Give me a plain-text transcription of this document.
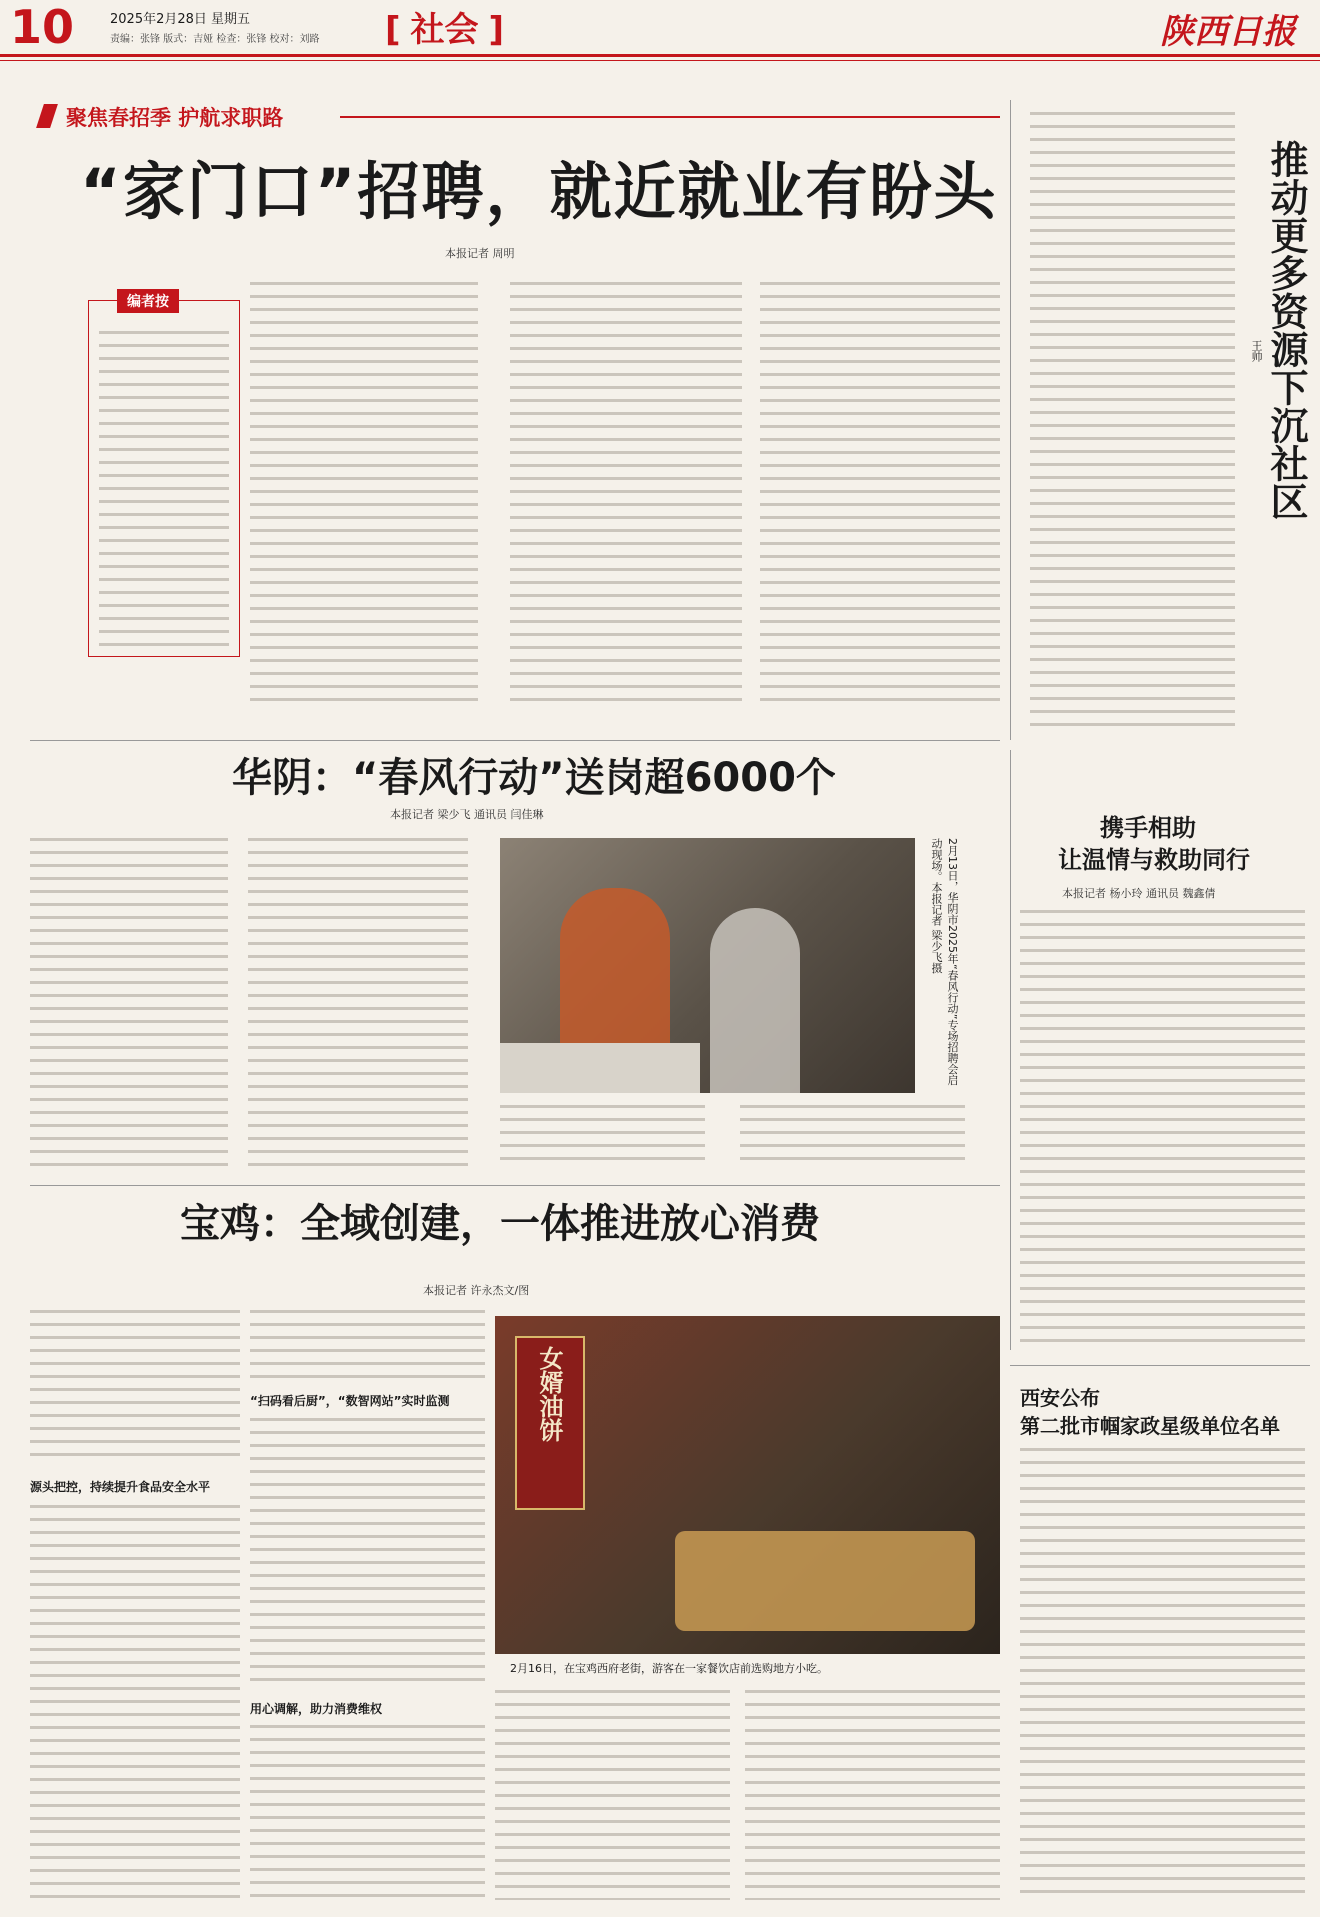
10	2025年2月28日 星期五
责编：张锋 版式：吉娅 检查：张锋 校对：刘路 [ 社会 ]	陕西日报
聚焦春招季 护航求职路
“家门口”招聘，就近就业有盼头
本报记者 周明
编者按	推动更多资源下沉社区
王帅
华阴：“春风行动”送岗超6000个
本报记者 梁少飞 通讯员 闫佳琳
2月13日，华阴市2025年“春风行动”专场招聘会启动现场。本报记者 梁少飞摄
携手相助
让温情与救助同行
本报记者 杨小玲 通讯员 魏鑫倩
宝鸡：全域创建，一体推进放心消费
本报记者 许永杰文/图
源头把控，持续提升食品安全水平
“扫码看后厨”，“数智网站”实时监测
用心调解，助力消费维权
女婿油饼
2月16日，在宝鸡西府老街，游客在一家餐饮店前选购地方小吃。
西安公布
第二批市帼家政星级单位名单
